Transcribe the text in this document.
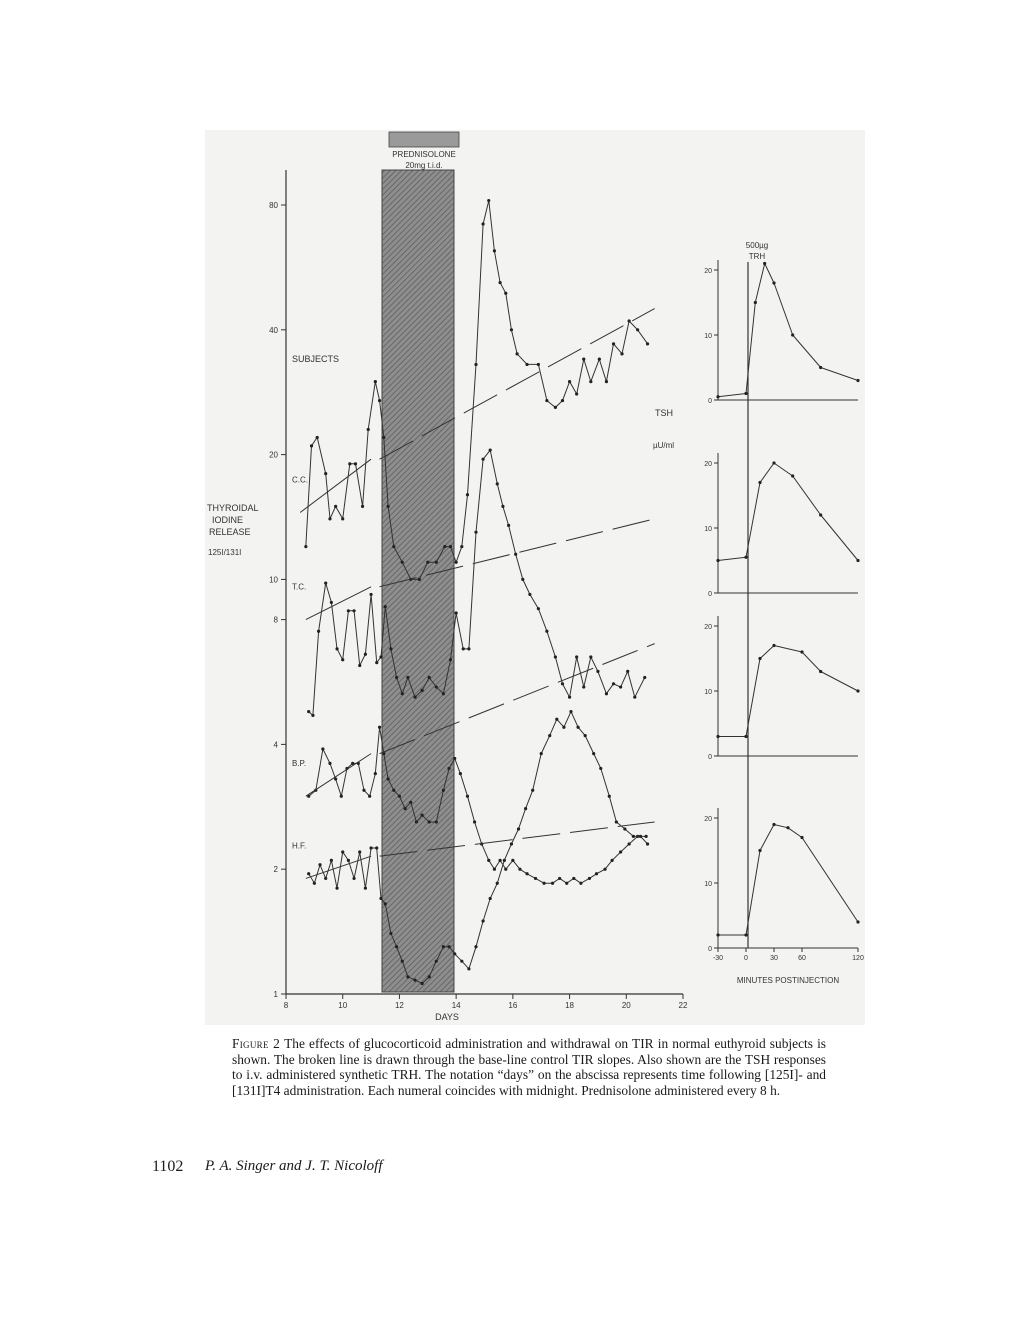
PREDNISOLONE
20mg t.i.d.
1
2
4
8
10
20
40
80
8	10	12	14	16	18	20	22
DAYS
THYROIDAL
IODINE
RELEASE
125I/131I
SUBJECTS
C.C.
T.C.
B.P.
H.F.
500µg
TRH
TSH
µU/ml
0
10
20
0
10
20
0
10
20
0
10
20
-30	0	30	60	120
MINUTES POSTINJECTION
Figure 2 The effects of glucocorticoid administration and withdrawal on TIR in normal euthyroid subjects is shown. The broken line is drawn through the base-line control TIR slopes. Also shown are the TSH responses to i.v. administered synthetic TRH. The notation “days” on the abscissa represents time following [125I]- and [131I]T4 administration. Each numeral coincides with midnight. Prednisolone administered every 8 h.
1102 P. A. Singer and J. T. Nicoloff
